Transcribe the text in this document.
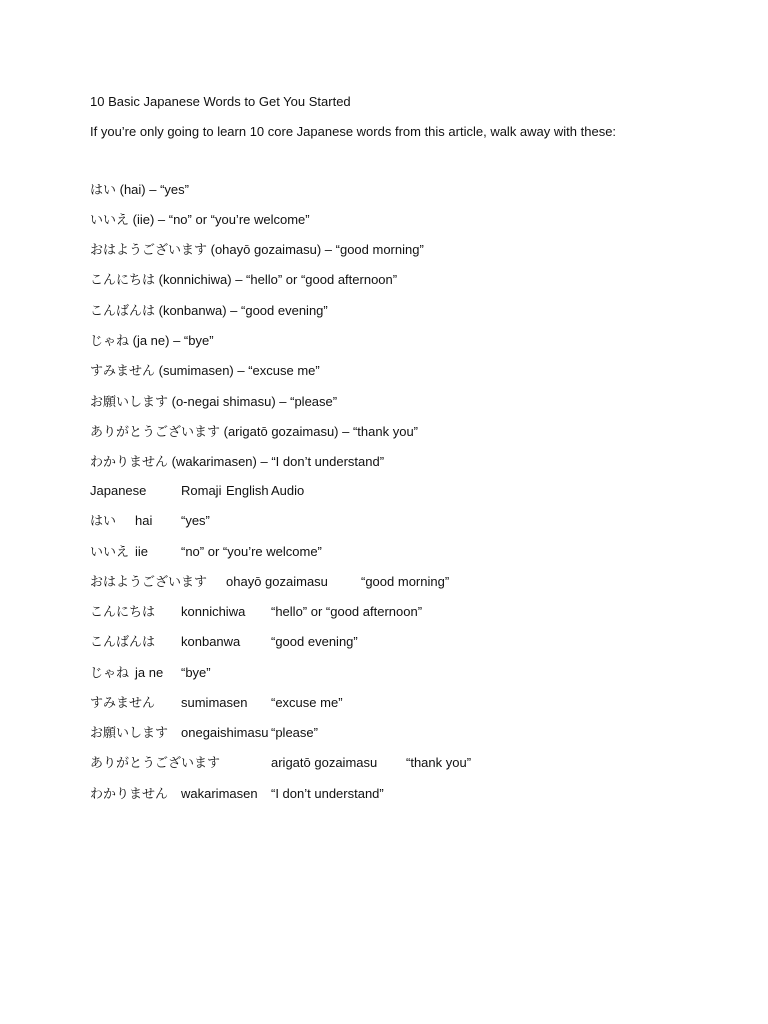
10 Basic Japanese Words to Get You Started
If you’re only going to learn 10 core Japanese words from this article, walk away with these:
はい (hai) – “yes”
いいえ (iie) – “no” or “you’re welcome”
おはようございます (ohayō gozaimasu) – “good morning”
こんにちは (konnichiwa) – “hello” or “good afternoon”
こんばんは (konbanwa) – “good evening”
じゃね (ja ne) – “bye”
すみません (sumimasen) – “excuse me”
お願いします (o-negai shimasu) – “please”
ありがとうございます (arigatō gozaimasu) – “thank you”
わかりません (wakarimasen) – “I don’t understand”
Japanese	Romaji English Audio
はい hai “yes”
いいえ iie	“no” or “you’re welcome”
おはようございます ohayō gozaimasu	“good morning”
こんにちは konnichiwa “hello” or “good afternoon”
こんばんは konbanwa “good evening”
じゃね ja ne “bye”
すみません sumimasen “excuse me”
お願いします onegaishimasu “please”
ありがとうございます	arigatō gozaimasu “thank you”
わかりません wakarimasen “I don’t understand”
